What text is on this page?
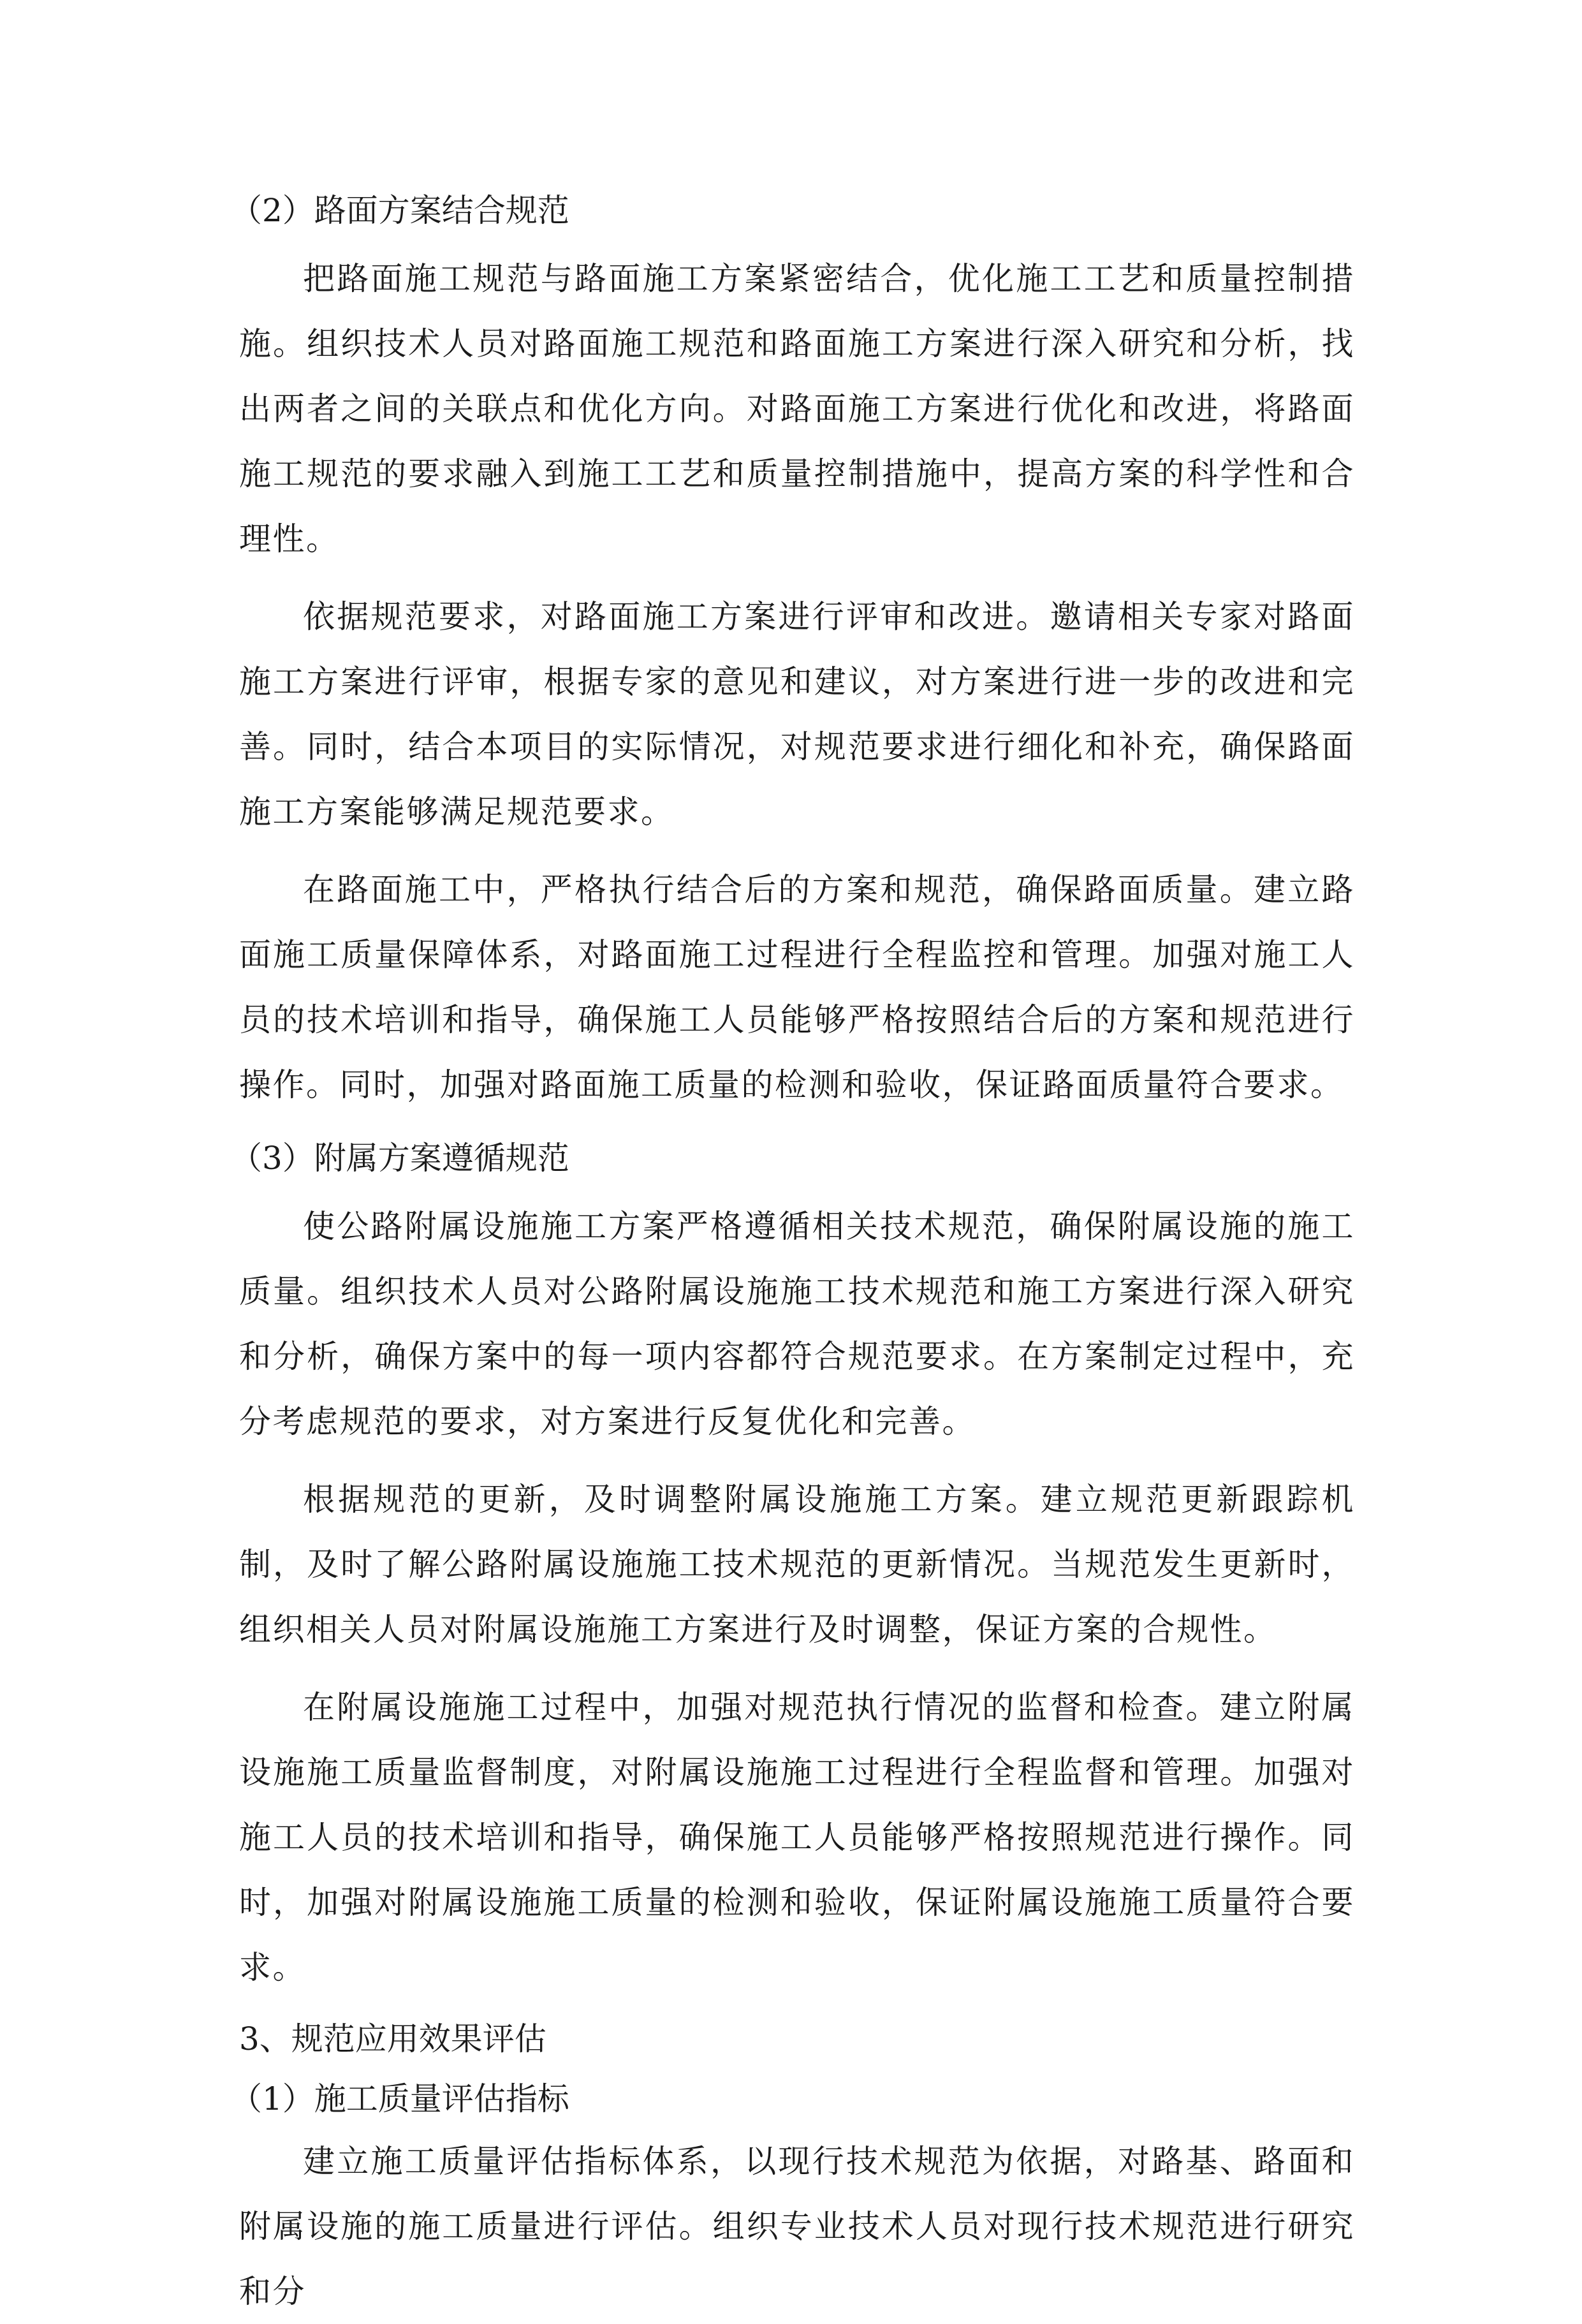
（2）路面方案结合规范

把路面施工规范与路面施工方案紧密结合，优化施工工艺和质量控制措施。组织技术人员对路面施工规范和路面施工方案进行深入研究和分析，找出两者之间的关联点和优化方向。对路面施工方案进行优化和改进，将路面施工规范的要求融入到施工工艺和质量控制措施中，提高方案的科学性和合理性。

依据规范要求，对路面施工方案进行评审和改进。邀请相关专家对路面施工方案进行评审，根据专家的意见和建议，对方案进行进一步的改进和完善。同时，结合本项目的实际情况，对规范要求进行细化和补充，确保路面施工方案能够满足规范要求。

在路面施工中，严格执行结合后的方案和规范，确保路面质量。建立路面施工质量保障体系，对路面施工过程进行全程监控和管理。加强对施工人员的技术培训和指导，确保施工人员能够严格按照结合后的方案和规范进行操作。同时，加强对路面施工质量的检测和验收，保证路面质量符合要求。

（3）附属方案遵循规范

使公路附属设施施工方案严格遵循相关技术规范，确保附属设施的施工质量。组织技术人员对公路附属设施施工技术规范和施工方案进行深入研究和分析，确保方案中的每一项内容都符合规范要求。在方案制定过程中，充分考虑规范的要求，对方案进行反复优化和完善。

根据规范的更新，及时调整附属设施施工方案。建立规范更新跟踪机制，及时了解公路附属设施施工技术规范的更新情况。当规范发生更新时，组织相关人员对附属设施施工方案进行及时调整，保证方案的合规性。

在附属设施施工过程中，加强对规范执行情况的监督和检查。建立附属设施施工质量监督制度，对附属设施施工过程进行全程监督和管理。加强对施工人员的技术培训和指导，确保施工人员能够严格按照规范进行操作。同时，加强对附属设施施工质量的检测和验收，保证附属设施施工质量符合要求。

3、规范应用效果评估

（1）施工质量评估指标

建立施工质量评估指标体系，以现行技术规范为依据，对路基、路面和附属设施的施工质量进行评估。组织专业技术人员对现行技术规范进行研究和分
